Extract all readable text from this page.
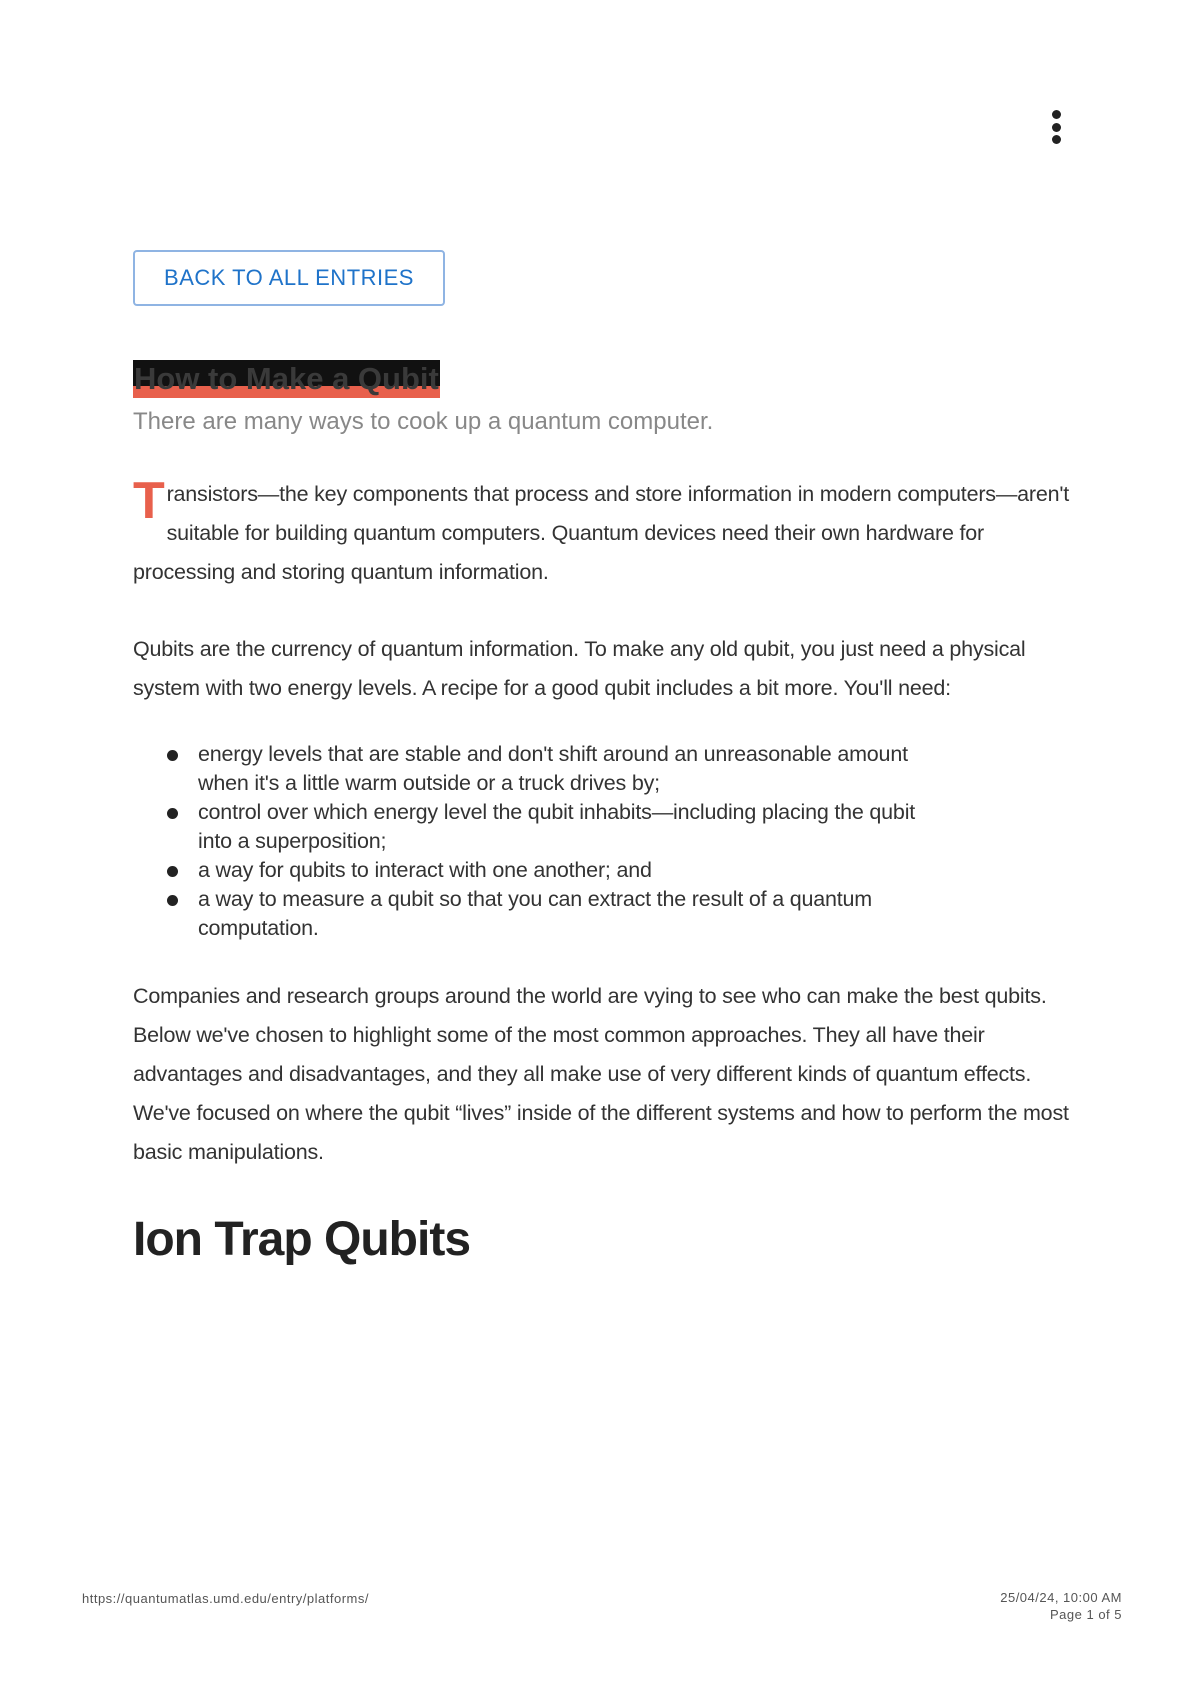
BACK TO ALL ENTRIES
How to Make a Qubit

There are many ways to cook up a quantum computer.

Transistors—the key components that process and store information in modern computers—aren't suitable for building quantum computers. Quantum devices need their own hardware for processing and storing quantum information.

Qubits are the currency of quantum information. To make any old qubit, you just need a physical system with two energy levels. A recipe for a good qubit includes a bit more. You'll need:

energy levels that are stable and don't shift around an unreasonable amount when it's a little warm outside or a truck drives by;
control over which energy level the qubit inhabits—including placing the qubit into a superposition;
a way for qubits to interact with one another; and
a way to measure a qubit so that you can extract the result of a quantum computation.

Companies and research groups around the world are vying to see who can make the best qubits. Below we've chosen to highlight some of the most common approaches. They all have their advantages and disadvantages, and they all make use of very different kinds of quantum effects. We've focused on where the qubit “lives” inside of the different systems and how to perform the most basic manipulations.

Ion Trap Qubits
https://quantumatlas.umd.edu/entry/platforms/	25/04/24, 10:00 AM
Page 1 of 5
